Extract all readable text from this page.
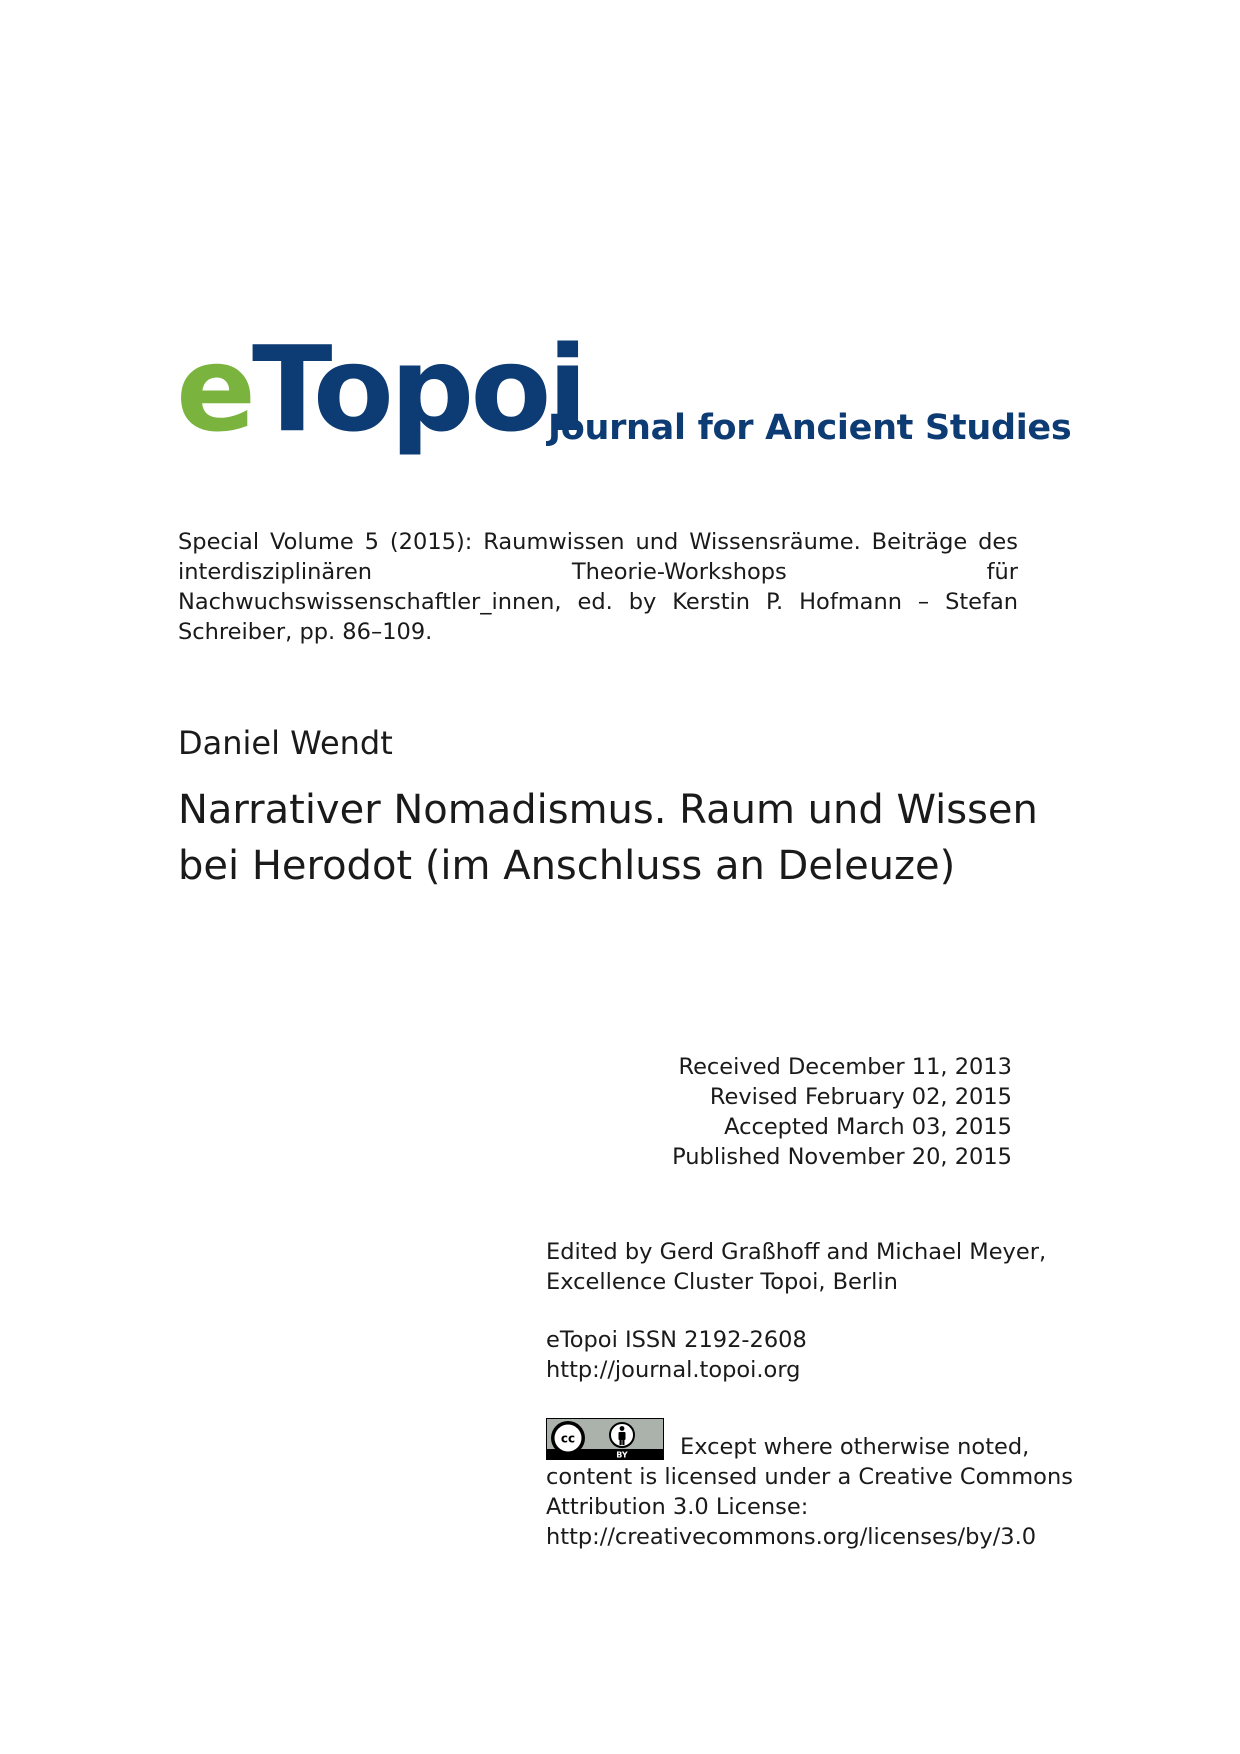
eTopoi
Journal for Ancient Studies
Special Volume 5 (2015): Raumwissen und Wissensräume. Beiträge des interdisziplinären Theorie-Workshops für Nachwuchswissenschaftler_innen, ed. by Kerstin P. Hofmann – Stefan Schreiber, pp. 86–109.
Daniel Wendt
Narrativer Nomadismus. Raum und Wissen
bei Herodot (im Anschluss an Deleuze)
Received December 11, 2013
Revised February 02, 2015
Accepted March 03, 2015
Published November 20, 2015
Edited by Gerd Graßhoff and Michael Meyer,
Excellence Cluster Topoi, Berlin
eTopoi ISSN 2192-2608
http://journal.topoi.org
cc
BY Except where otherwise noted,
content is licensed under a Creative Commons
Attribution 3.0 License:
http://creativecommons.org/licenses/by/3.0
